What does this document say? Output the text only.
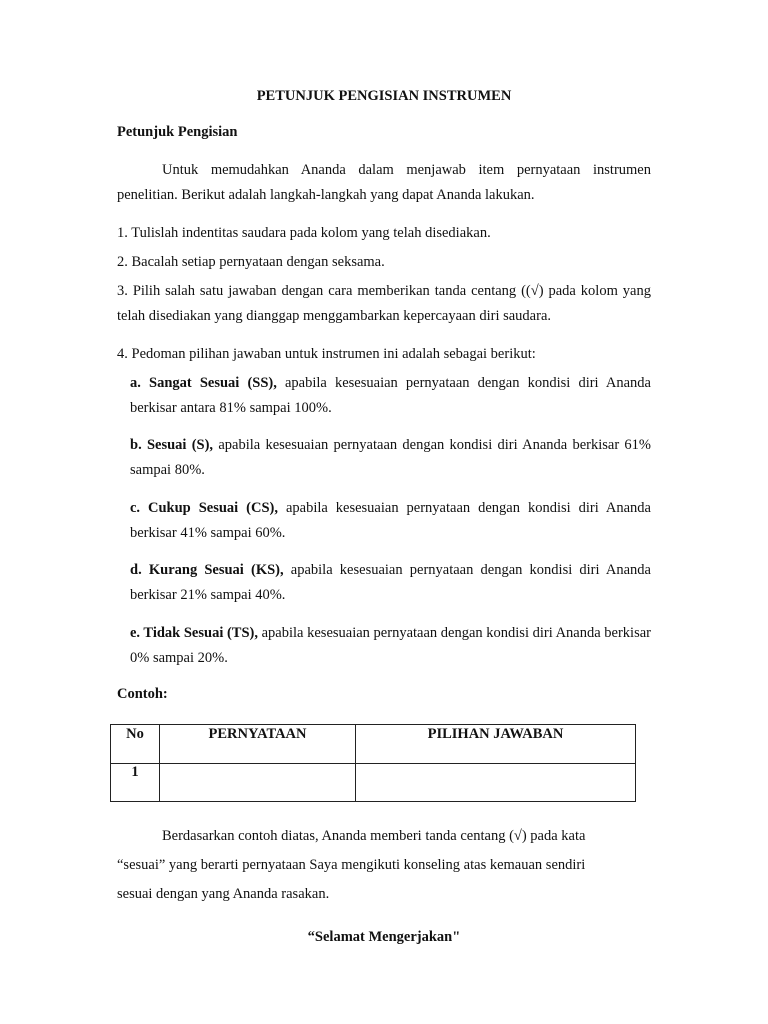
PETUNJUK PENGISIAN INSTRUMEN
Petunjuk Pengisian
Untuk memudahkan Ananda dalam menjawab item pernyataan instrumen penelitian. Berikut adalah langkah-langkah yang dapat Ananda lakukan.
1. Tulislah indentitas saudara pada kolom yang telah disediakan.
2. Bacalah setiap pernyataan dengan seksama.
3. Pilih salah satu jawaban dengan cara memberikan tanda centang ((√) pada kolom yang telah disediakan yang dianggap menggambarkan kepercayaan diri saudara.
4. Pedoman pilihan jawaban untuk instrumen ini adalah sebagai berikut:
a. Sangat Sesuai (SS), apabila kesesuaian pernyataan dengan kondisi diri Ananda berkisar antara 81% sampai 100%.
b. Sesuai (S), apabila kesesuaian pernyataan dengan kondisi diri Ananda berkisar 61% sampai 80%.
c. Cukup Sesuai (CS), apabila kesesuaian pernyataan dengan kondisi diri Ananda berkisar 41% sampai 60%.
d. Kurang Sesuai (KS), apabila kesesuaian pernyataan dengan kondisi diri Ananda berkisar 21% sampai 40%.
e. Tidak Sesuai (TS), apabila kesesuaian pernyataan dengan kondisi diri Ananda berkisar 0% sampai 20%.
Contoh:
No	PERNYATAAN	PILIHAN JAWABAN
1		
Berdasarkan contoh diatas, Ananda memberi tanda centang (√) pada kata
“sesuai” yang berarti pernyataan Saya mengikuti konseling atas kemauan sendiri
sesuai dengan yang Ananda rasakan.
“Selamat Mengerjakan"
